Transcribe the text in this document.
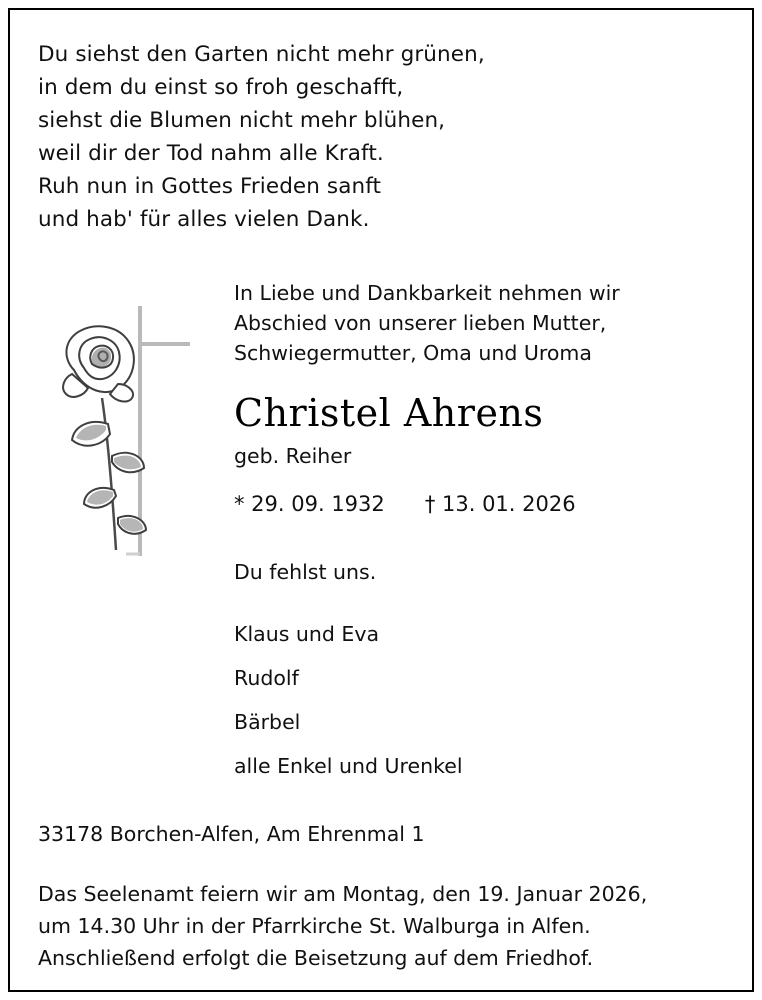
Du siehst den Garten nicht mehr grünen,
in dem du einst so froh geschafft,
siehst die Blumen nicht mehr blühen,
weil dir der Tod nahm alle Kraft.
Ruh nun in Gottes Frieden sanft
und hab' für alles vielen Dank.
In Liebe und Dankbarkeit nehmen wir
Abschied von unserer lieben Mutter,
Schwiegermutter, Oma und Uroma
Christel Ahrens
geb. Reiher
* 29. 09. 1932      † 13. 01. 2026
Du fehlst uns.
Klaus und Eva
Rudolf
Bärbel
alle Enkel und Urenkel
33178 Borchen-Alfen, Am Ehrenmal 1
Das Seelenamt feiern wir am Montag, den 19. Januar 2026,
um 14.30 Uhr in der Pfarrkirche St. Walburga in Alfen.
Anschließend erfolgt die Beisetzung auf dem Friedhof.
